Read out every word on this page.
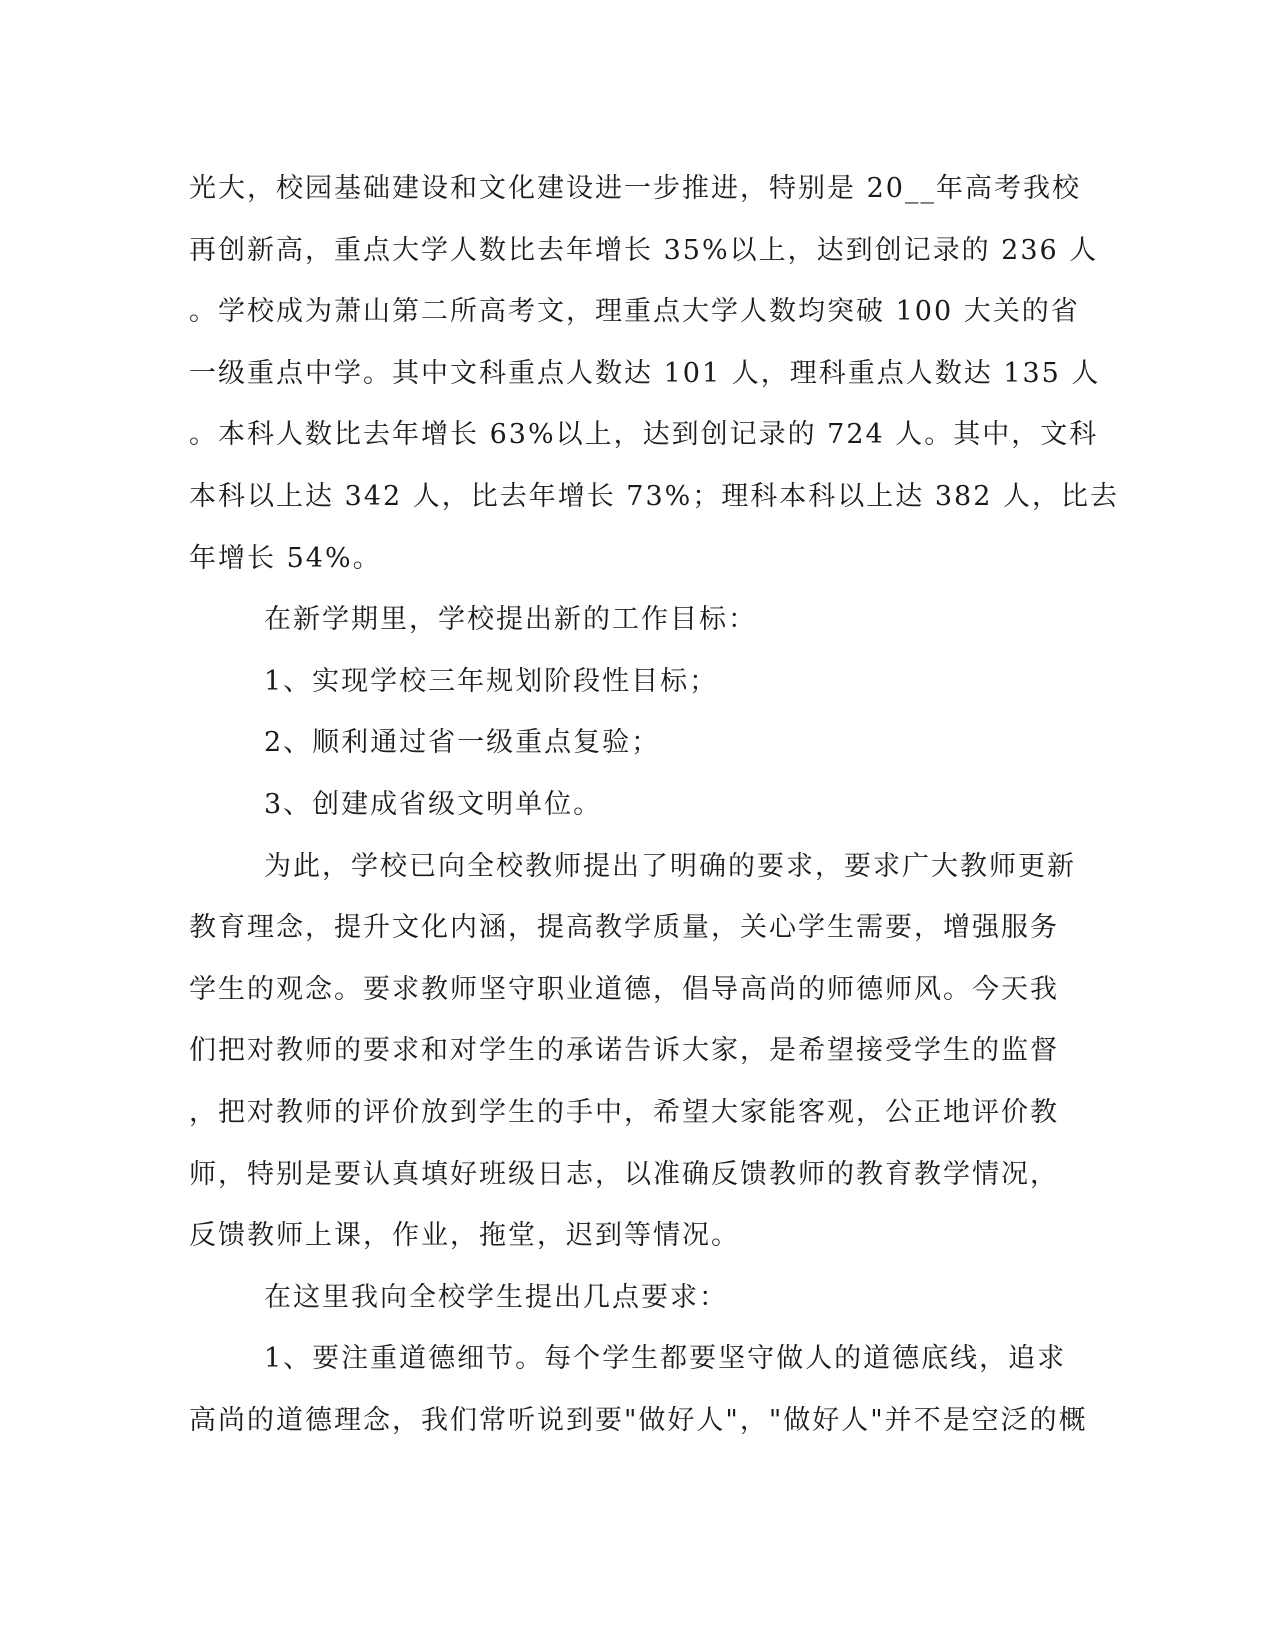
光大，校园基础建设和文化建设进一步推进，特别是 20__年高考我校
再创新高，重点大学人数比去年增长 35%以上，达到创记录的 236 人
。学校成为萧山第二所高考文，理重点大学人数均突破 100 大关的省
一级重点中学。其中文科重点人数达 101 人，理科重点人数达 135 人
。本科人数比去年增长 63%以上，达到创记录的 724 人。其中，文科
本科以上达 342 人，比去年增长 73%；理科本科以上达 382 人，比去
年增长 54%。
在新学期里，学校提出新的工作目标：
1、实现学校三年规划阶段性目标；
2、顺利通过省一级重点复验；
3、创建成省级文明单位。
为此，学校已向全校教师提出了明确的要求，要求广大教师更新
教育理念，提升文化内涵，提高教学质量，关心学生需要，增强服务
学生的观念。要求教师坚守职业道德，倡导高尚的师德师风。今天我
们把对教师的要求和对学生的承诺告诉大家，是希望接受学生的监督
，把对教师的评价放到学生的手中，希望大家能客观，公正地评价教
师，特别是要认真填好班级日志，以准确反馈教师的教育教学情况，
反馈教师上课，作业，拖堂，迟到等情况。
在这里我向全校学生提出几点要求：
1、要注重道德细节。每个学生都要坚守做人的道德底线，追求
高尚的道德理念，我们常听说到要"做好人"，"做好人"并不是空泛的概
